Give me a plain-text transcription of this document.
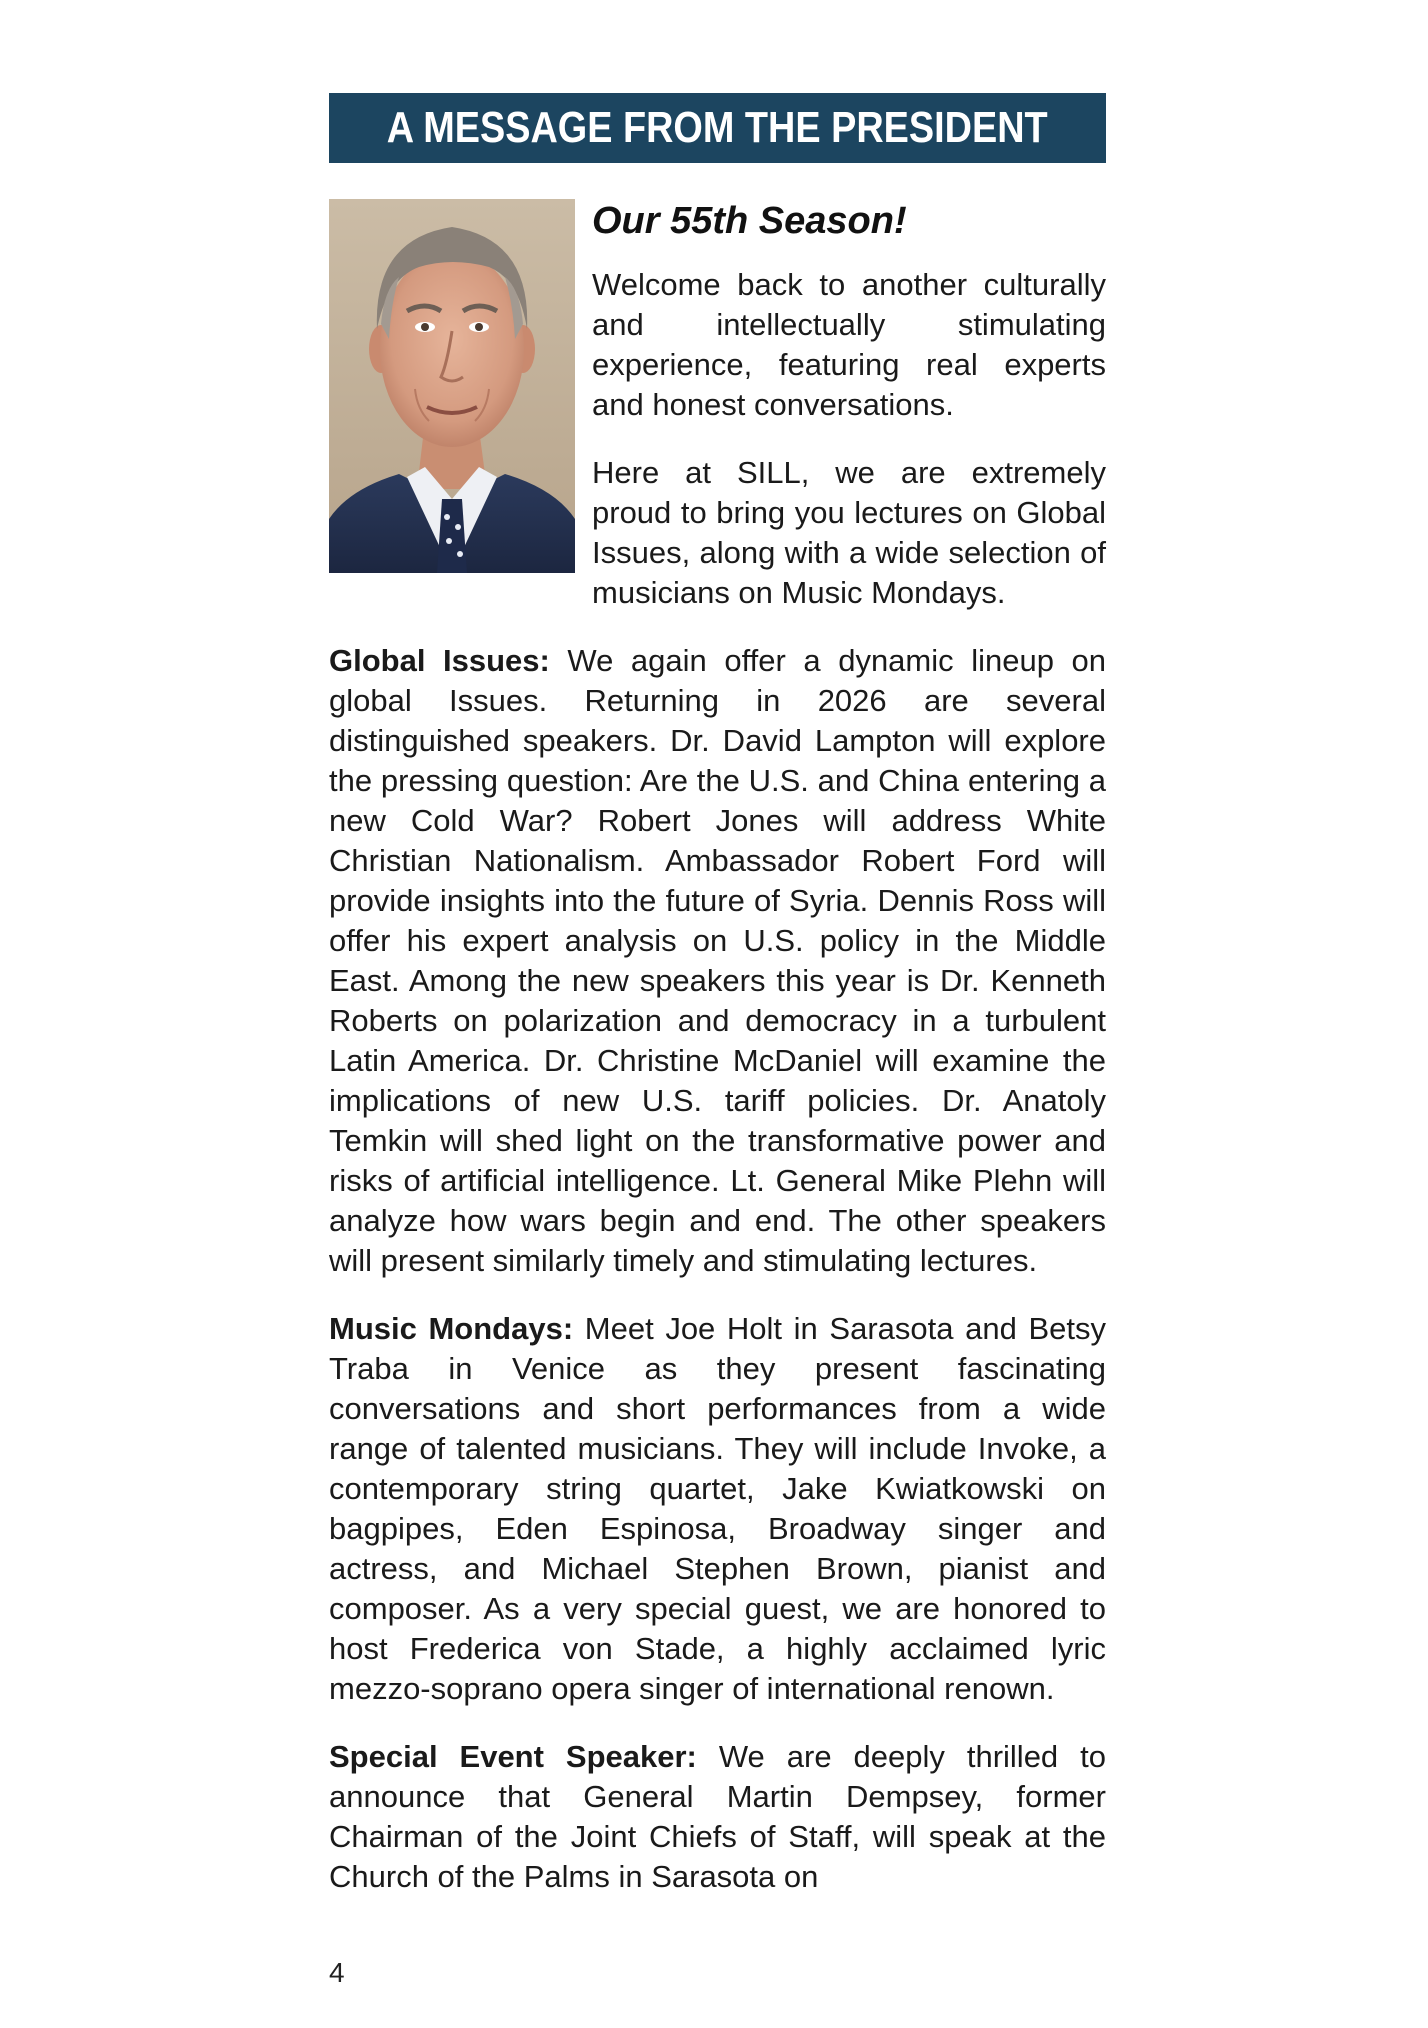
A MESSAGE FROM THE PRESIDENT
Our 55th Season!

Welcome back to another culturally and intellectually stimulating experience, featuring real experts and honest conversations.

Here at SILL, we are extremely proud to bring you lectures on Global Issues, along with a wide selection of musicians on Music Mondays.

Global Issues: We again offer a dynamic lineup on global Issues. Returning in 2026 are several distinguished speakers. Dr. David Lampton will explore the pressing question: Are the U.S. and China entering a new Cold War? Robert Jones will address White Christian Nationalism. Ambassador Robert Ford will provide insights into the future of Syria. Dennis Ross will offer his expert analysis on U.S. policy in the Middle East. Among the new speakers this year is Dr. Kenneth Roberts on polarization and democracy in a turbulent Latin America. Dr. Christine McDaniel will examine the implications of new U.S. tariff policies. Dr. Anatoly Temkin will shed light on the transformative power and risks of artificial intelligence. Lt. General Mike Plehn will analyze how wars begin and end. The other speakers will present similarly timely and stimulating lectures.

Music Mondays: Meet Joe Holt in Sarasota and Betsy Traba in Venice as they present fascinating conversations and short performances from a wide range of talented musicians. They will include Invoke, a contemporary string quartet, Jake Kwiatkowski on bagpipes, Eden Espinosa, Broadway singer and actress, and Michael Stephen Brown, pianist and composer. As a very special guest, we are honored to host Frederica von Stade, a highly acclaimed lyric mezzo-soprano opera singer of international renown.

Special Event Speaker: We are deeply thrilled to announce that General Martin Dempsey, former Chairman of the Joint Chiefs of Staff, will speak at the Church of the Palms in Sarasota on

4
